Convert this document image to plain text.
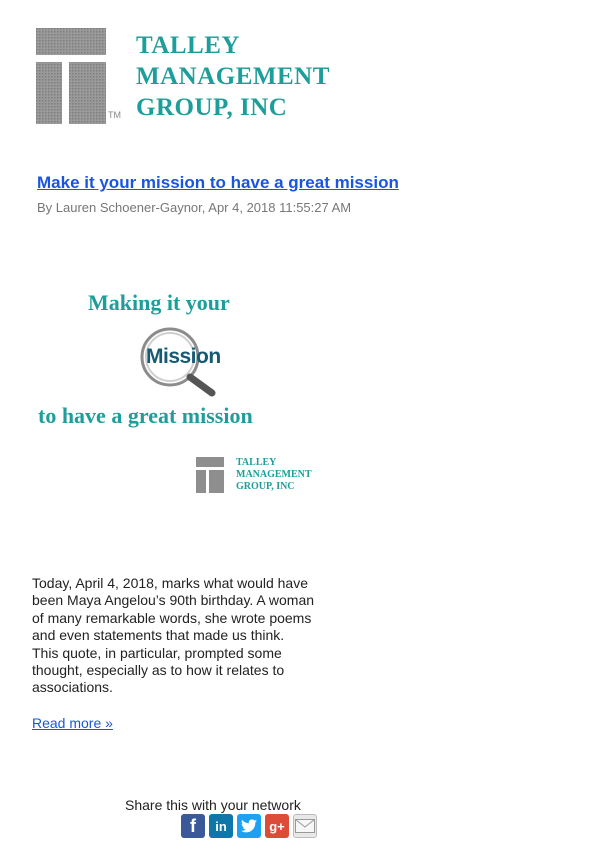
TM
TALLEY
MANAGEMENT
GROUP, INC
Make it your mission to have a great mission
By Lauren Schoener-Gaynor, Apr 4, 2018 11:55:27 AM
Making it your
Mission
to have a great mission
TALLEY
MANAGEMENT
GROUP, INC
Today, April 4, 2018, marks what would have been Maya Angelou’s 90th birthday. A woman of many remarkable words, she wrote poems and even statements that made us think. This quote, in particular, prompted some thought, especially as to how it relates to associations.
Read more »
Share this with your network
f	in	g+
